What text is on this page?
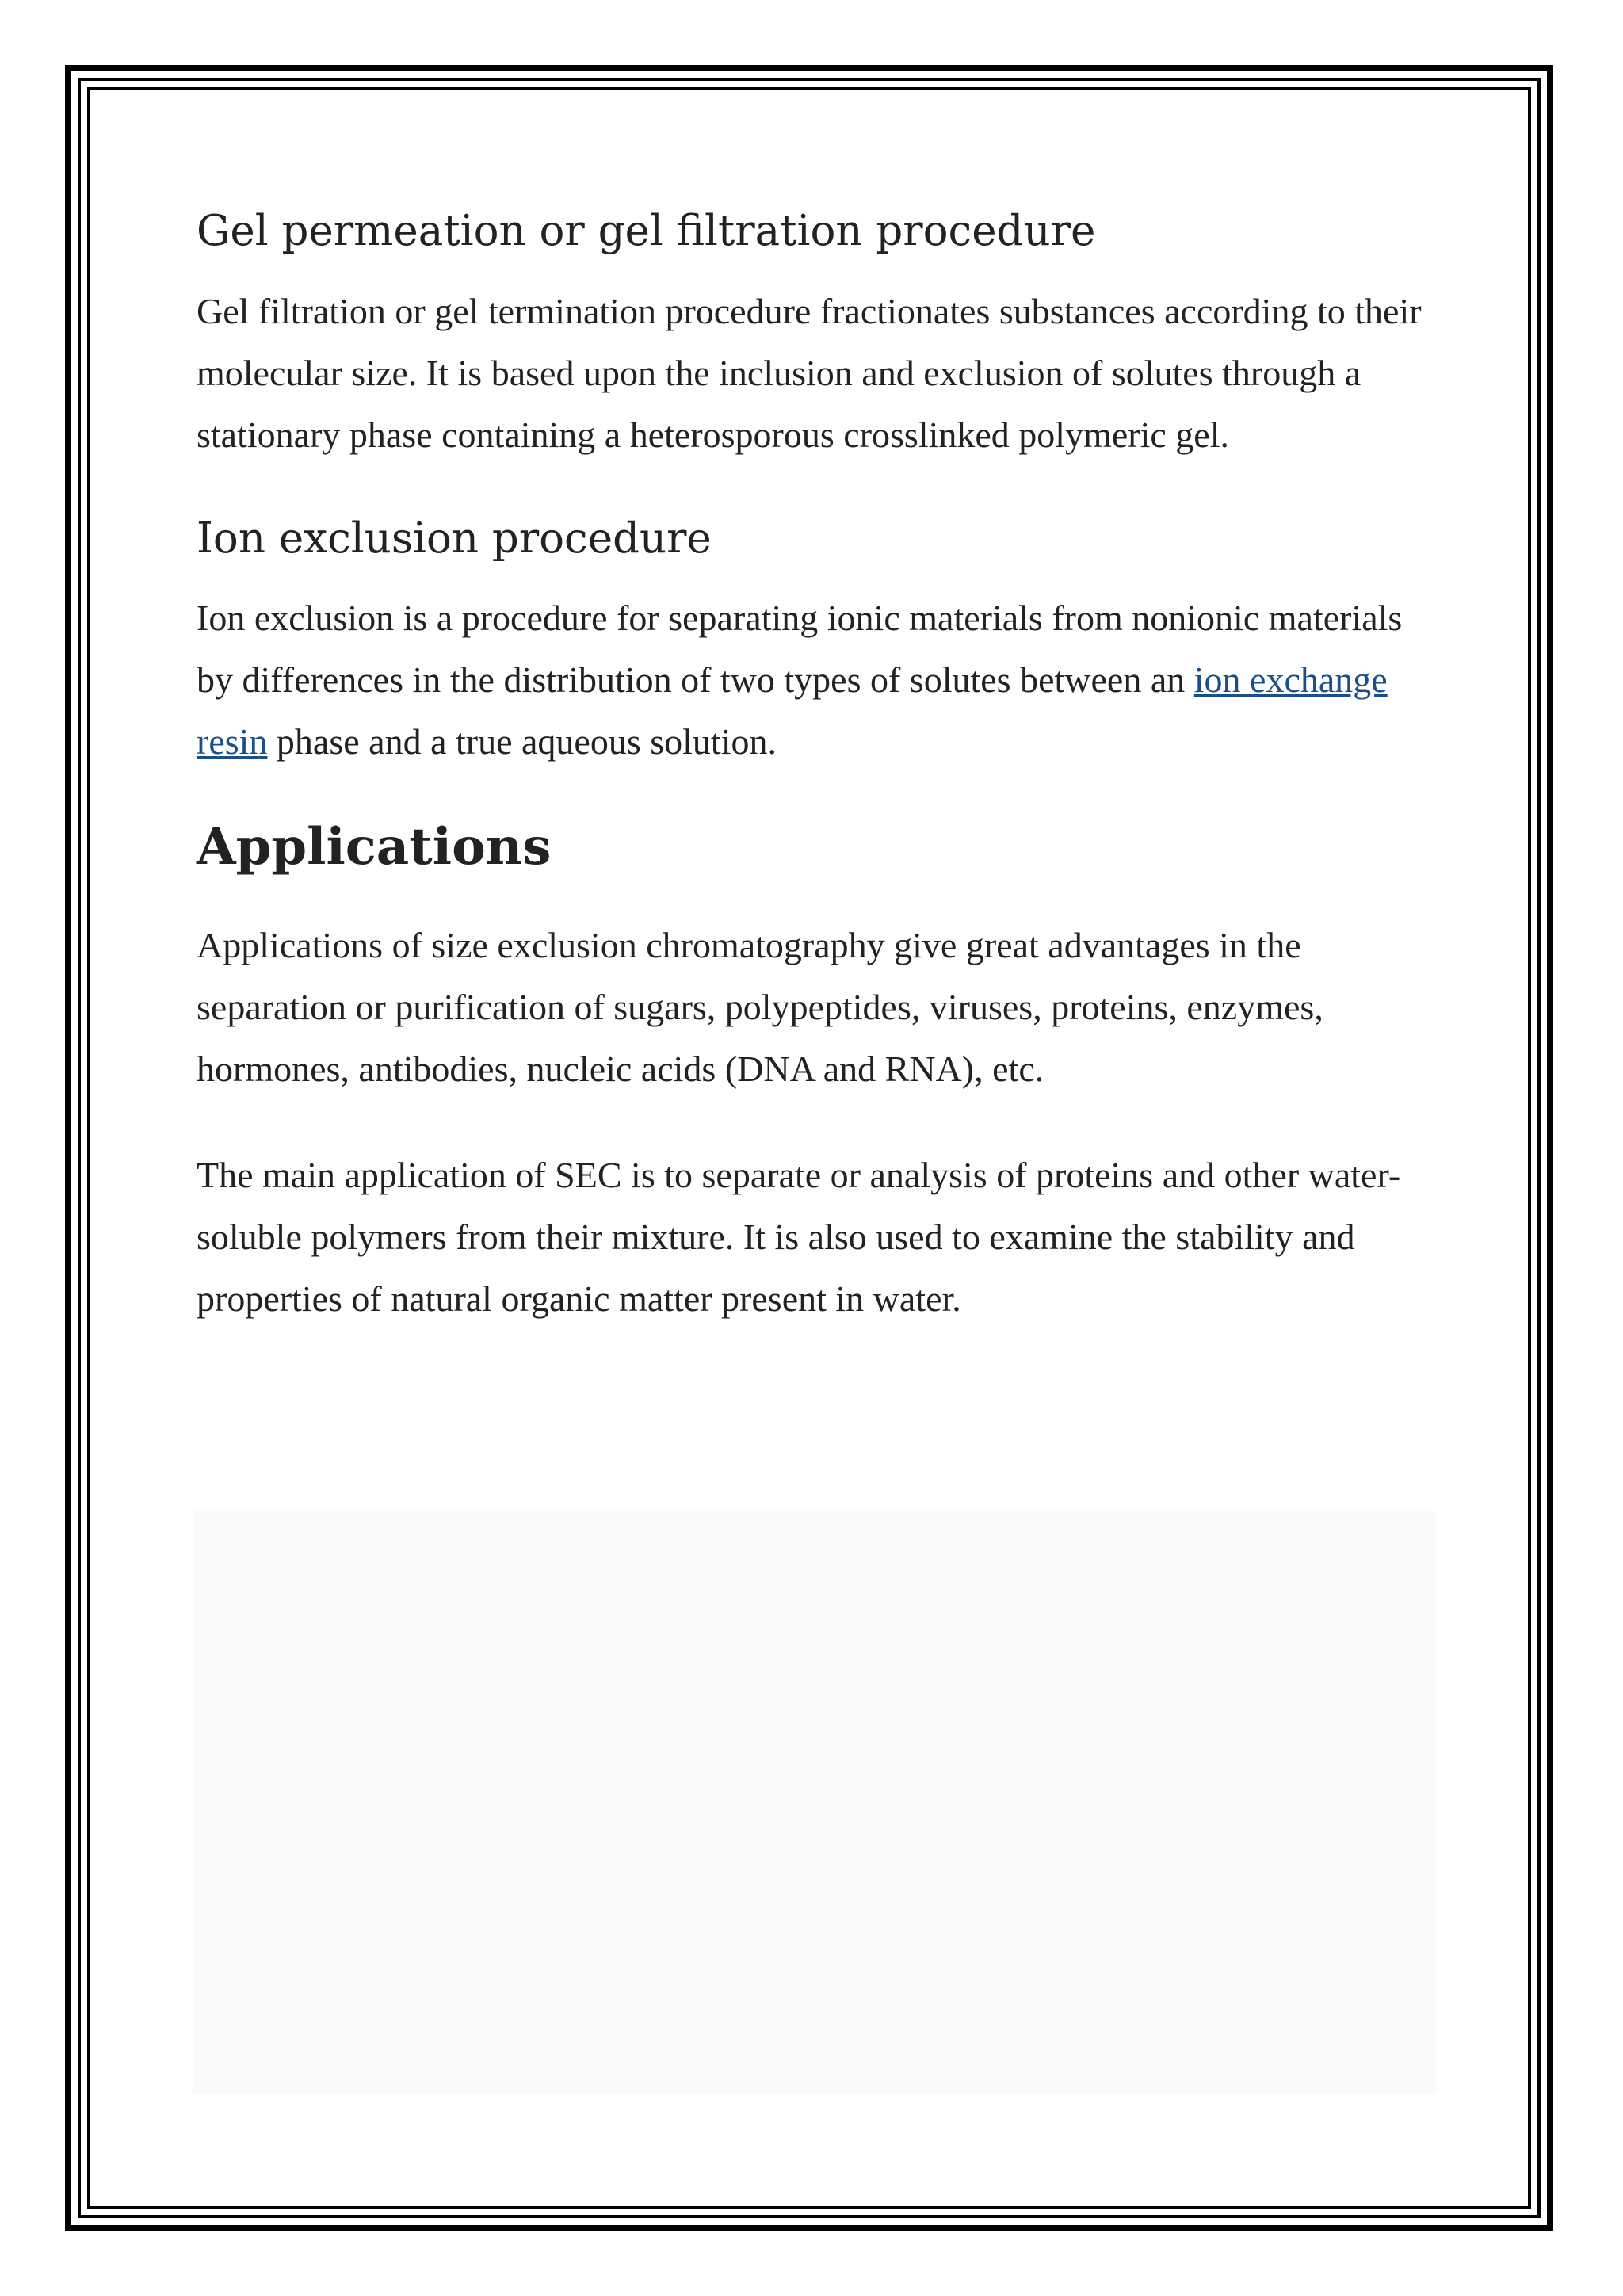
Gel permeation or gel filtration procedure

Gel filtration or gel termination procedure fractionates substances according to their molecular size. It is based upon the inclusion and exclusion of solutes through a stationary phase containing a heterosporous crosslinked polymeric gel.

Ion exclusion procedure

Ion exclusion is a procedure for separating ionic materials from nonionic materials by differences in the distribution of two types of solutes between an ion exchange resin phase and a true aqueous solution.

Applications

Applications of size exclusion chromatography give great advantages in the separation or purification of sugars, polypeptides, viruses, proteins, enzymes, hormones, antibodies, nucleic acids (DNA and RNA), etc.

The main application of SEC is to separate or analysis of proteins and other water-soluble polymers from their mixture. It is also used to examine the stability and properties of natural organic matter present in water.
